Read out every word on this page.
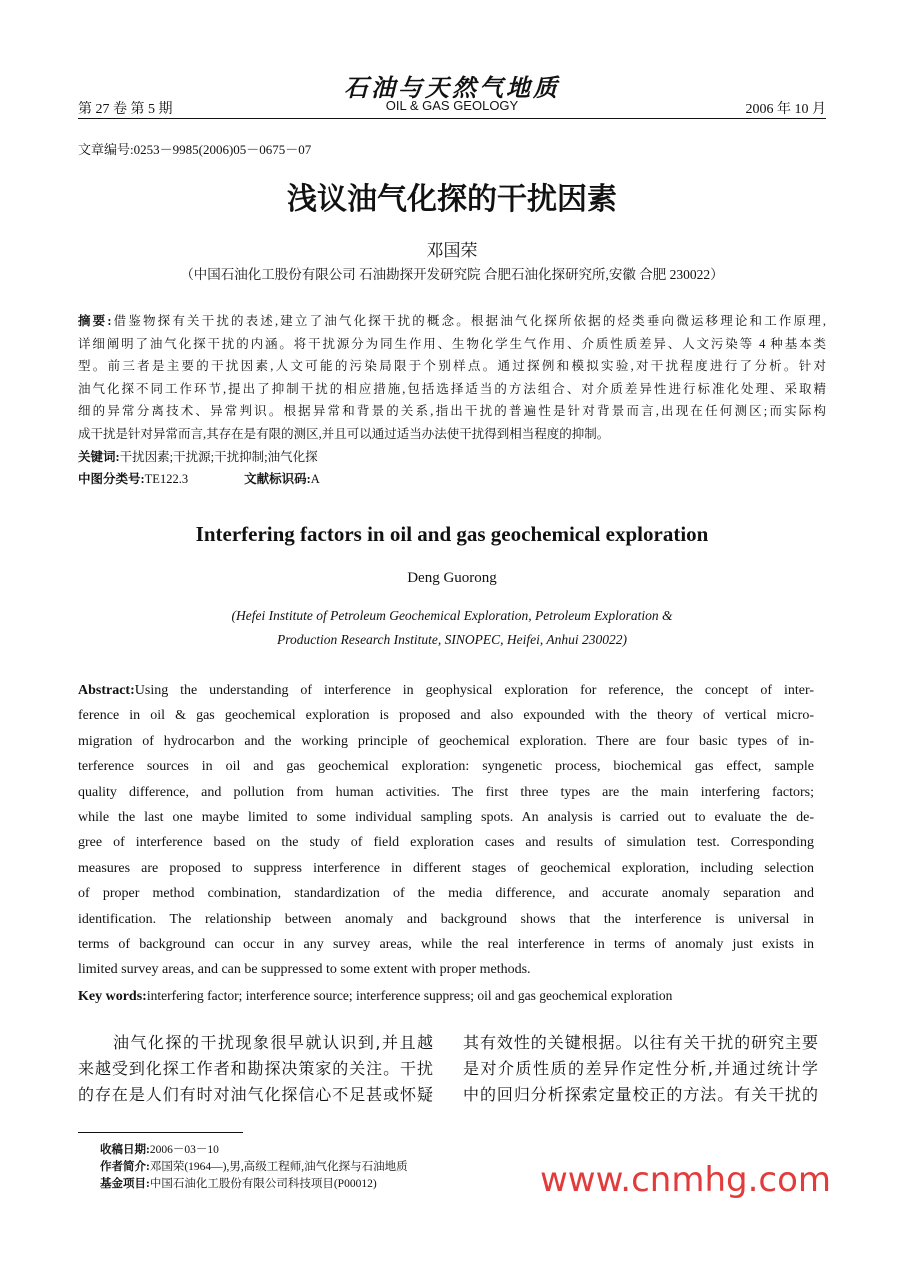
石油与天然气地质
第 27 卷 第 5 期	OIL & GAS GEOLOGY	2006 年 10 月
文章编号:0253－9985(2006)05－0675－07
浅议油气化探的干扰因素
邓国荣
（中国石油化工股份有限公司 石油勘探开发研究院 合肥石油化探研究所,安徽 合肥 230022）
摘要:借鉴物探有关干扰的表述,建立了油气化探干扰的概念。根据油气化探所依据的烃类垂向微运移理论和工作原理,
详细阐明了油气化探干扰的内涵。将干扰源分为同生作用、生物化学生气作用、介质性质差异、人文污染等 4 种基本类
型。前三者是主要的干扰因素,人文可能的污染局限于个别样点。通过探例和模拟实验,对干扰程度进行了分析。针对
油气化探不同工作环节,提出了抑制干扰的相应措施,包括选择适当的方法组合、对介质差异性进行标准化处理、采取精
细的异常分离技术、异常判识。根据异常和背景的关系,指出干扰的普遍性是针对背景而言,出现在任何测区;而实际构
成干扰是针对异常而言,其存在是有限的测区,并且可以通过适当办法使干扰得到相当程度的抑制。
关键词:干扰因素;干扰源;干扰抑制;油气化探
中图分类号:TE122.3	文献标识码:A
Interfering factors in oil and gas geochemical exploration
Deng Guorong
(Hefei Institute of Petroleum Geochemical Exploration, Petroleum Exploration &
Production Research Institute, SINOPEC, Heifei, Anhui 230022)
Abstract:Using the understanding of interference in geophysical exploration for reference, the concept of inter-
ference in oil & gas geochemical exploration is proposed and also expounded with the theory of vertical micro-
migration of hydrocarbon and the working principle of geochemical exploration. There are four basic types of in-
terference sources in oil and gas geochemical exploration: syngenetic process, biochemical gas effect, sample
quality difference, and pollution from human activities. The first three types are the main interfering factors;
while the last one maybe limited to some individual sampling spots. An analysis is carried out to evaluate the de-
gree of interference based on the study of field exploration cases and results of simulation test. Corresponding
measures are proposed to suppress interference in different stages of geochemical exploration, including selection
of proper method combination, standardization of the media difference, and accurate anomaly separation and
identification. The relationship between anomaly and background shows that the interference is universal in
terms of background can occur in any survey areas, while the real interference in terms of anomaly just exists in
limited survey areas, and can be suppressed to some extent with proper methods.
Key words:interfering factor; interference source; interference suppress; oil and gas geochemical exploration
　　油气化探的干扰现象很早就认识到,并且越
来越受到化探工作者和勘探决策家的关注。干扰
的存在是人们有时对油气化探信心不足甚或怀疑
其有效性的关键根据。以往有关干扰的研究主要
是对介质性质的差异作定性分析,并通过统计学
中的回归分析探索定量校正的方法。有关干扰的
收稿日期:2006－03－10
作者简介:邓国荣(1964—),男,高级工程师,油气化探与石油地质
基金项目:中国石油化工股份有限公司科技项目(P00012)	www.cnmhg.com
